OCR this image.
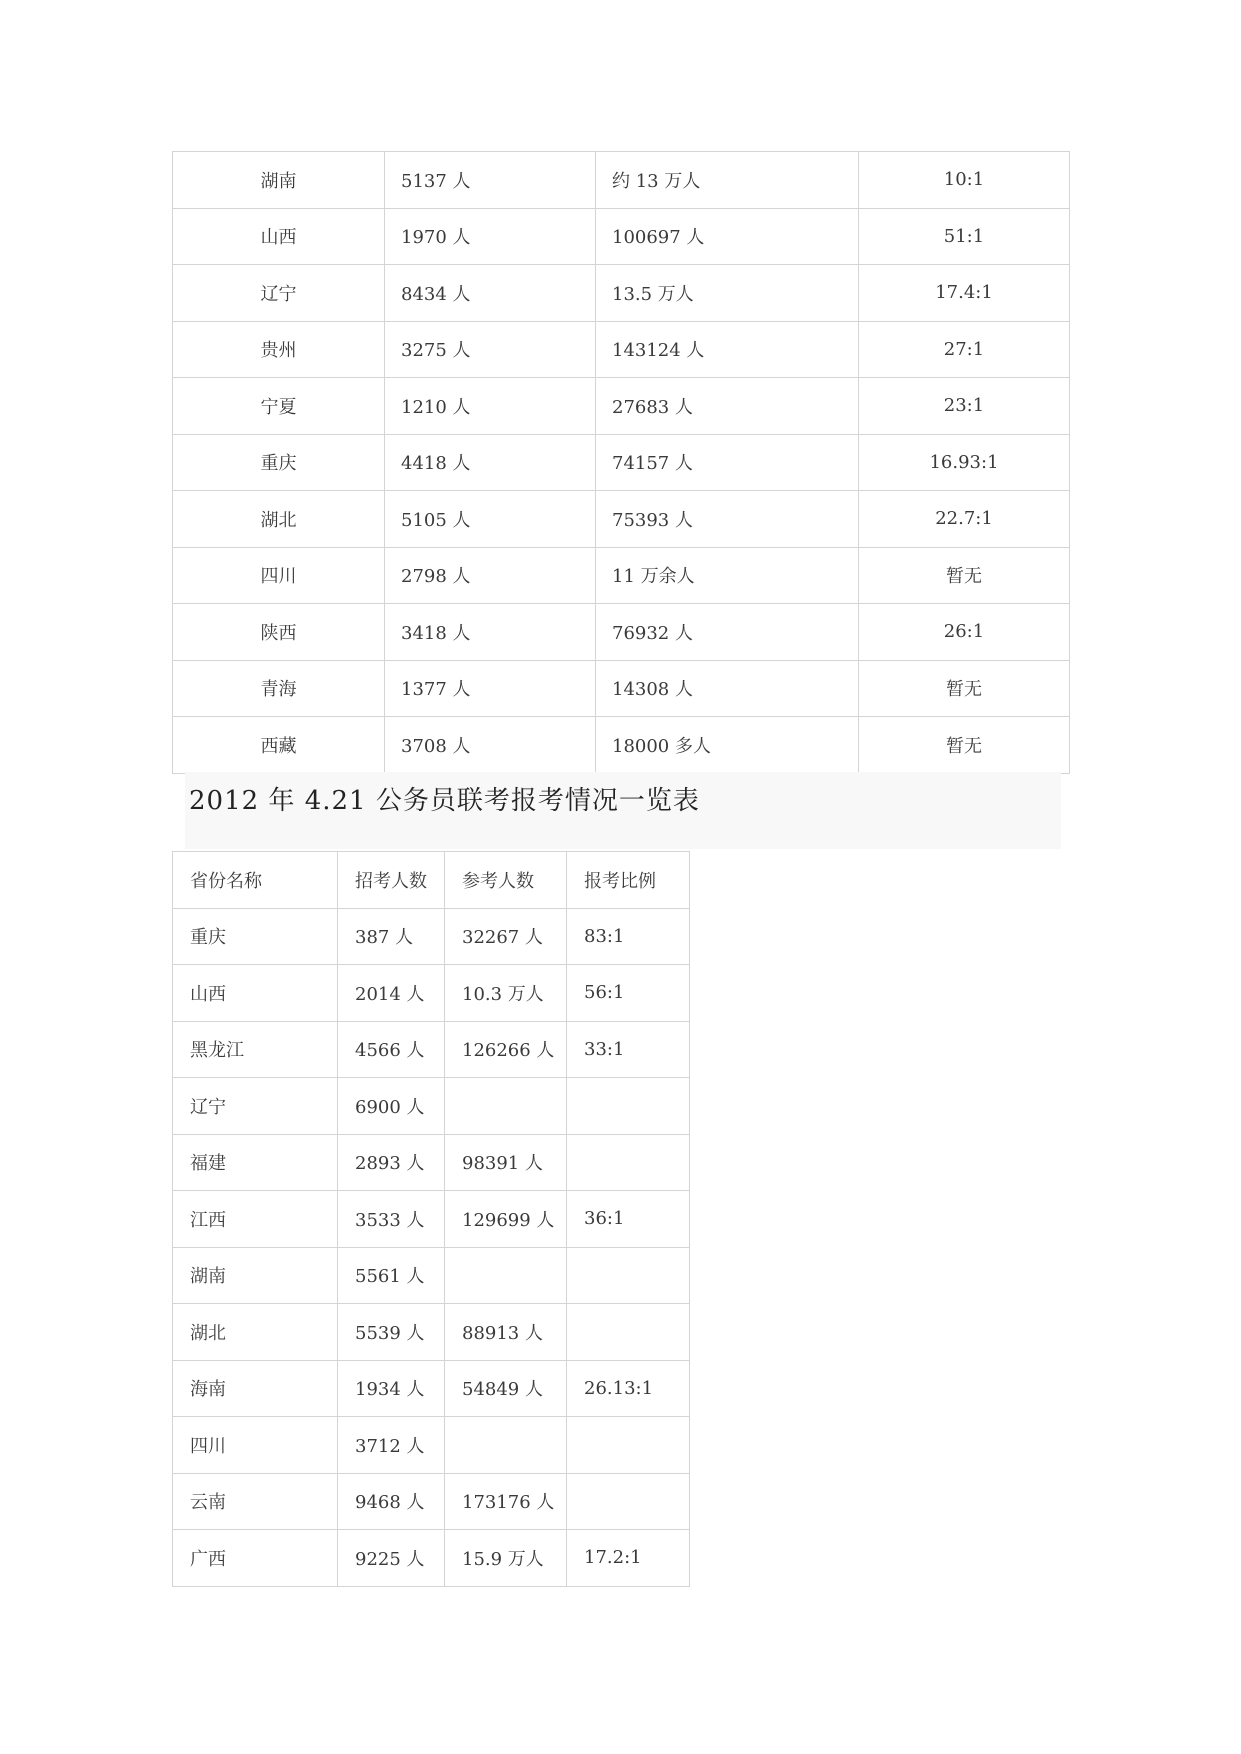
湖南	5137 人	约 13 万人	10:1
山西	1970 人	100697 人	51:1
辽宁	8434 人	13.5 万人	17.4:1
贵州	3275 人	143124 人	27:1
宁夏	1210 人	27683 人	23:1
重庆	4418 人	74157 人	16.93:1
湖北	5105 人	75393 人	22.7:1
四川	2798 人	11 万余人	暂无
陕西	3418 人	76932 人	26:1
青海	1377 人	14308 人	暂无
西藏	3708 人	18000 多人	暂无
2012 年 4.21 公务员联考报考情况一览表
省份名称	招考人数	参考人数	报考比例
重庆	387 人	32267 人	83:1
山西	2014 人	10.3 万人	56:1
黑龙江	4566 人	126266 人	33:1
辽宁	6900 人		
福建	2893 人	98391 人	
江西	3533 人	129699 人	36:1
湖南	5561 人		
湖北	5539 人	88913 人	
海南	1934 人	54849 人	26.13:1
四川	3712 人		
云南	9468 人	173176 人	
广西	9225 人	15.9 万人	17.2:1
